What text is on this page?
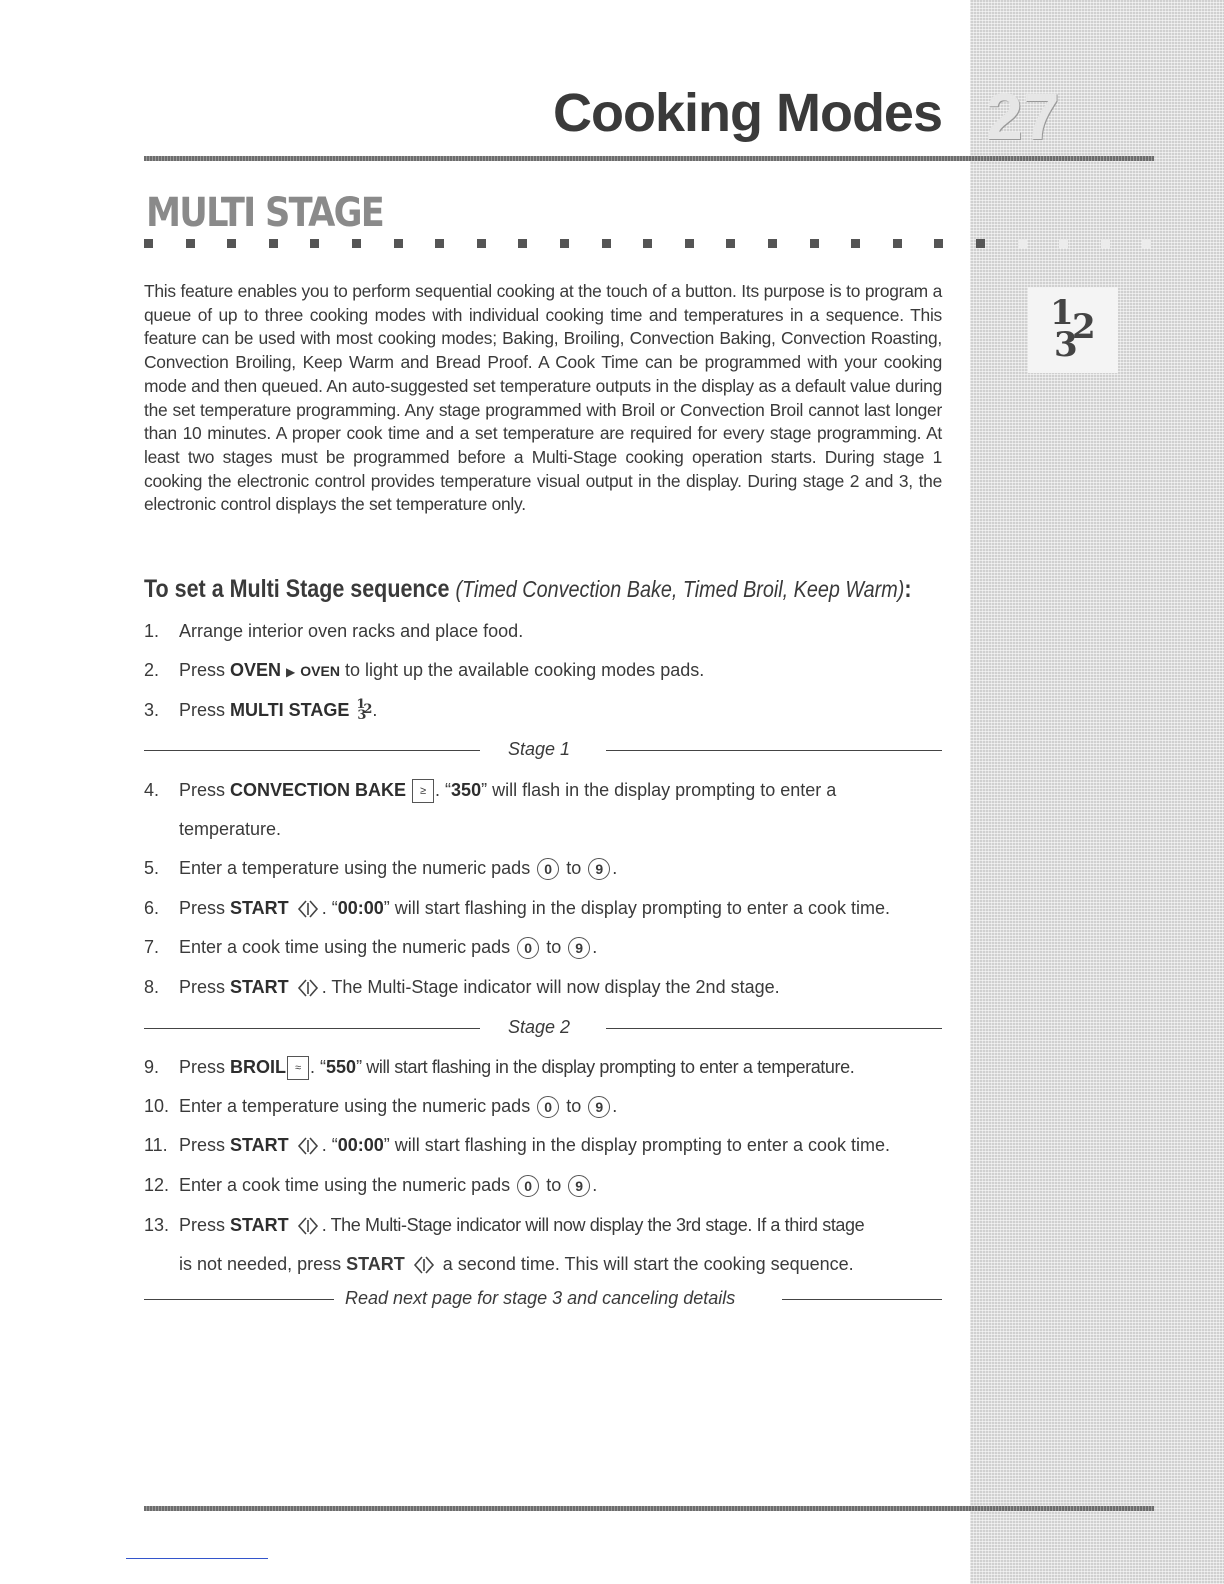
Cooking Modes 27
MULTI STAGE
1
2
3
This feature enables you to perform sequential cooking at the touch of a button. Its purpose is to program a queue of up to three cooking modes with individual cooking time and temperatures in a sequence. This feature can be used with most cooking modes; Baking, Broiling, Convection Baking, Convection Roasting, Convection Broiling, Keep Warm and Bread Proof. A Cook Time can be programmed with your cooking mode and then queued. An auto-suggested set temperature outputs in the display as a default value during the set temperature programming. Any stage programmed with Broil or Convection Broil cannot last longer than 10 minutes. A proper cook time and a set temperature are required for every stage programming. At least two stages must be programmed before a Multi-Stage cooking operation starts. During stage 1 cooking the electronic control provides temperature visual output in the display. During stage 2 and 3, the electronic control displays the set temperature only.
To set a Multi Stage sequence (Timed Convection Bake, Timed Broil, Keep Warm):
1. Arrange interior oven racks and place food.
2. Press OVEN ▶ OVEN to light up the available cooking modes pads.
3. Press MULTI STAGE 1
2
3 .
Stage 1
4. Press CONVECTION BAKE ≥ . “350” will flash in the display prompting to enter a
temperature.
5. Enter a temperature using the numeric pads 0 to 9 .
6. Press START . “00:00” will start flashing in the display prompting to enter a cook time.
7. Enter a cook time using the numeric pads 0 to 9 .
8. Press START . The Multi-Stage indicator will now display the 2nd stage.
Stage 2
9. Press BROIL ≈ . “550” will start flashing in the display prompting to enter a temperature.
10. Enter a temperature using the numeric pads 0 to 9 .
11. Press START . “00:00” will start flashing in the display prompting to enter a cook time.
12. Enter a cook time using the numeric pads 0 to 9 .
13. Press START . The Multi-Stage indicator will now display the 3rd stage. If a third stage
is not needed, press START  a second time. This will start the cooking sequence.
Read next page for stage 3 and canceling details
